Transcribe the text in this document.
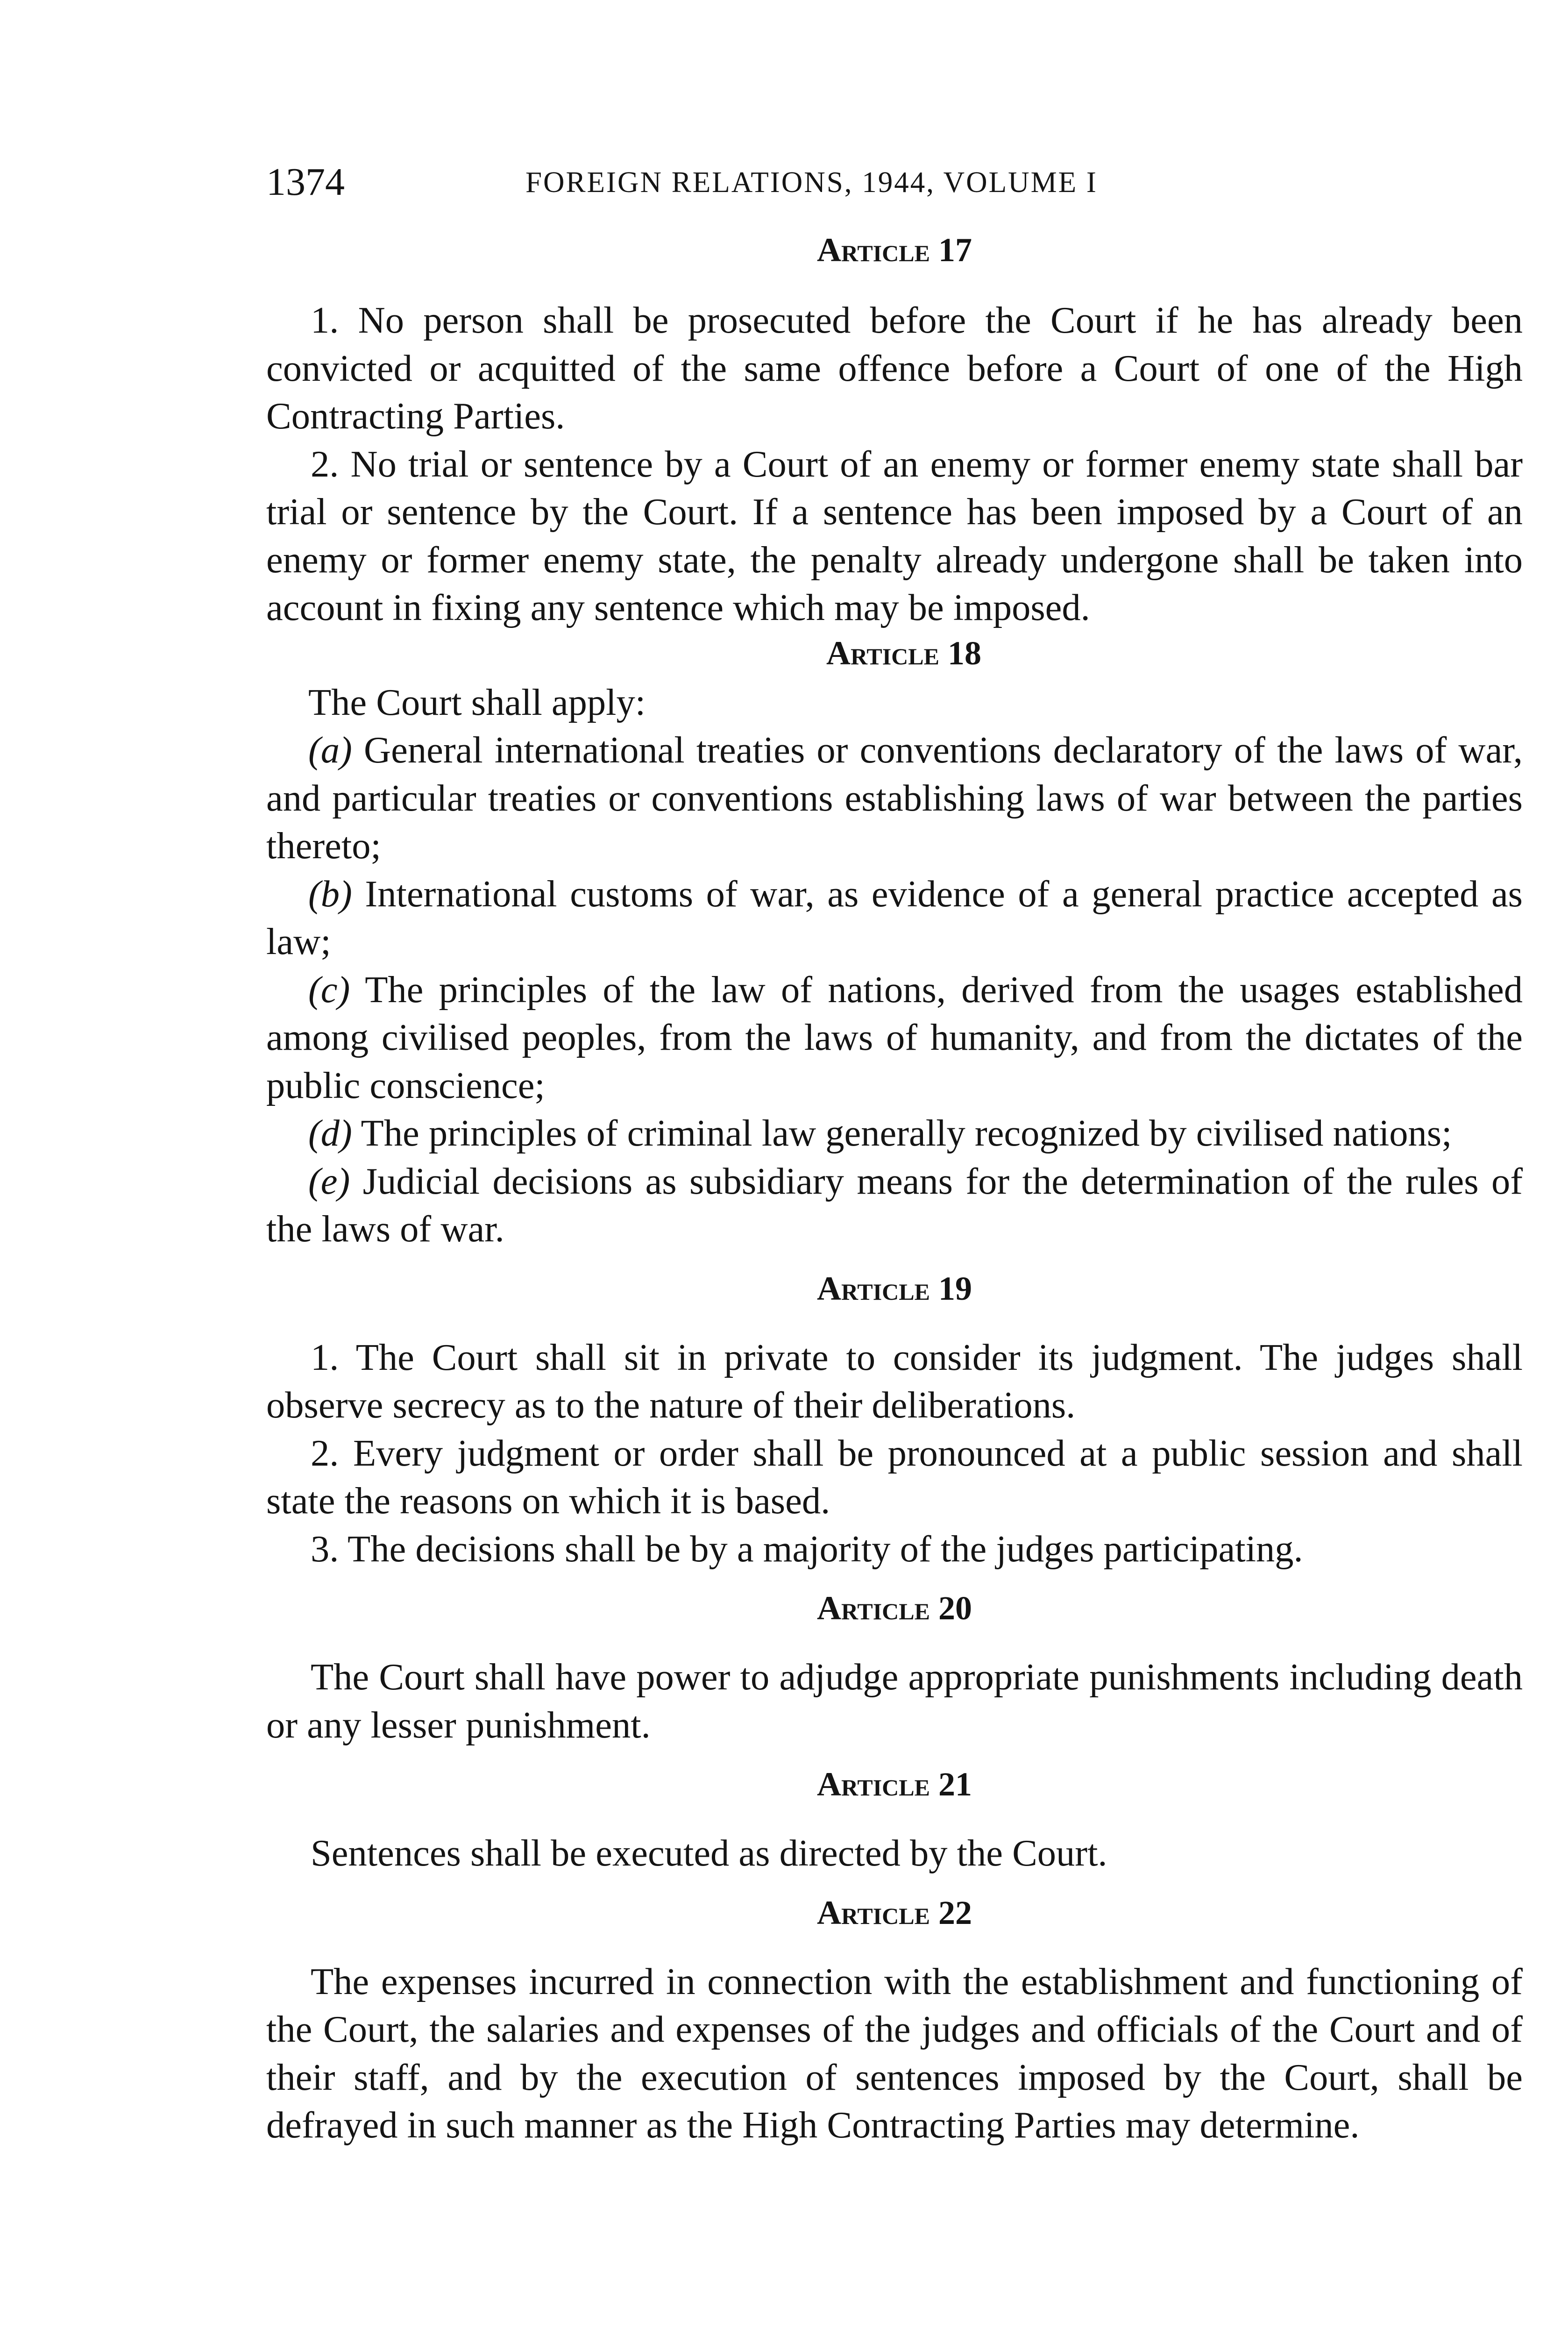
1374	FOREIGN RELATIONS, 1944, VOLUME I
Article 17

1. No person shall be prosecuted before the Court if he has already been convicted or acquitted of the same offence before a Court of one of the High Contracting Parties.

2. No trial or sentence by a Court of an enemy or former enemy state shall bar trial or sentence by the Court. If a sentence has been imposed by a Court of an enemy or former enemy state, the penalty already undergone shall be taken into account in fixing any sentence which may be imposed.

Article 18

The Court shall apply:

(a) General international treaties or conventions declaratory of the laws of war, and particular treaties or conventions establishing laws of war between the parties thereto;

(b) International customs of war, as evidence of a general practice accepted as law;

(c) The principles of the law of nations, derived from the usages established among civilised peoples, from the laws of humanity, and from the dictates of the public conscience;

(d) The principles of criminal law generally recognized by civilised nations;

(e) Judicial decisions as subsidiary means for the determination of the rules of the laws of war.

Article 19

1. The Court shall sit in private to consider its judgment. The judges shall observe secrecy as to the nature of their deliberations.

2. Every judgment or order shall be pronounced at a public session and shall state the reasons on which it is based.

3. The decisions shall be by a majority of the judges participating.

Article 20

The Court shall have power to adjudge appropriate punishments including death or any lesser punishment.

Article 21

Sentences shall be executed as directed by the Court.

Article 22

The expenses incurred in connection with the establishment and functioning of the Court, the salaries and expenses of the judges and officials of the Court and of their staff, and by the execution of sentences imposed by the Court, shall be defrayed in such manner as the High Contracting Parties may determine.
